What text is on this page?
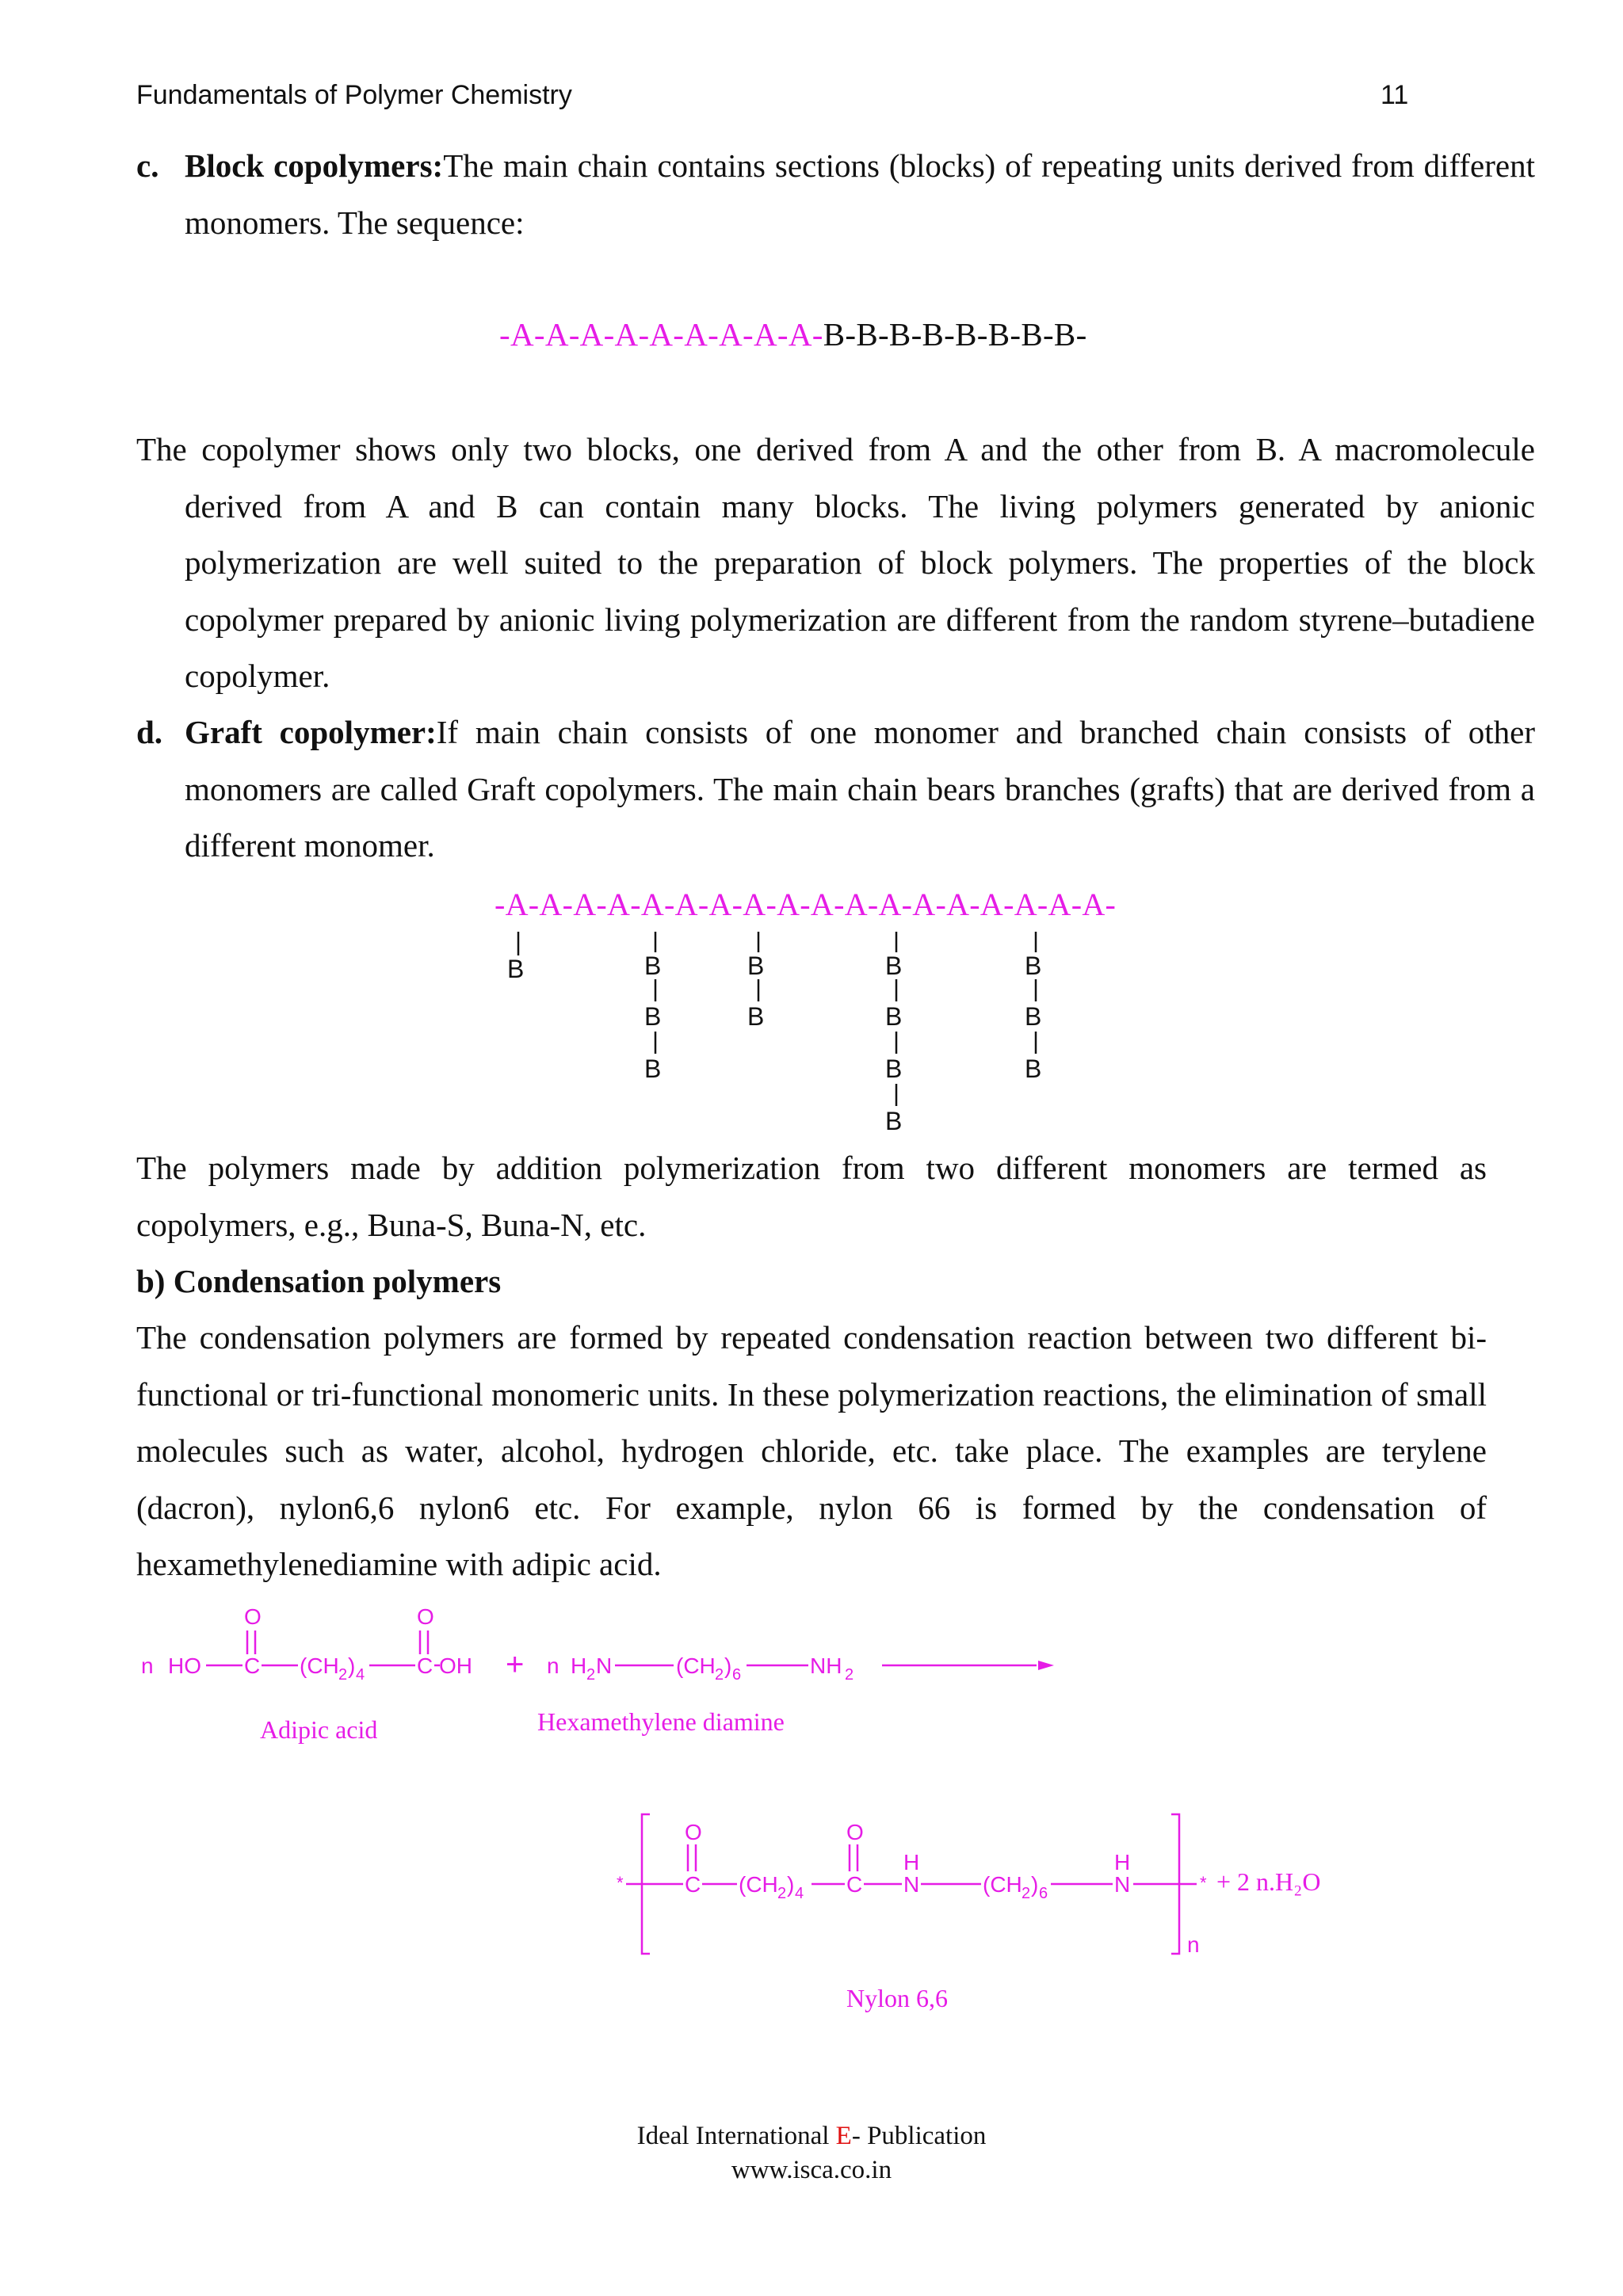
Fundamentals of Polymer Chemistry	11
c. Block copolymers:The main chain contains sections (blocks) of repeating units derived from different monomers. The sequence:
-A-A-A-A-A-A-A-A-A-B-B-B-B-B-B-B-B-
The copolymer shows only two blocks, one derived from A and the other from B. A macromolecule derived from A and B can contain many blocks. The living polymers generated by anionic polymerization are well suited to the preparation of block polymers. The properties of the block copolymer prepared by anionic living polymerization are different from the random styrene–butadiene copolymer.
d. Graft copolymer:If main chain consists of one monomer and branched chain consists of other monomers are called Graft copolymers. The main chain bears branches (grafts) that are derived from a different monomer.
-A-A-A-A-A-A-A-A-A-A-A-A-A-A-A-A-A-A-
B	B
B
B
B
B
B
B
B
B
B
B
B
The polymers made by addition polymerization from two different monomers are termed as copolymers, e.g., Buna-S, Buna-N, etc.
b) Condensation polymers
The condensation polymers are formed by repeated condensation reaction between two different bi-functional or tri-functional monomeric units. In these polymerization reactions, the elimination of small molecules such as water, alcohol, hydrogen chloride, etc. take place. The examples are terylene (dacron), nylon6,6 nylon6 etc. For example, nylon 66 is formed by the condensation of hexamethylenediamine with adipic acid.
n HO C (CH 2 ) 4 C OH
O	O
+ n H 2 N	(CH 2 ) 6	NH 2
Adipic acid	Hexamethylene diamine
*	C
O
(CH 2 ) 4 C
O
H
N	(CH 2 ) 6
H
N	*
n
+ 2 n.H₂O
Nylon 6,6
Ideal International E- Publication
www.isca.co.in
